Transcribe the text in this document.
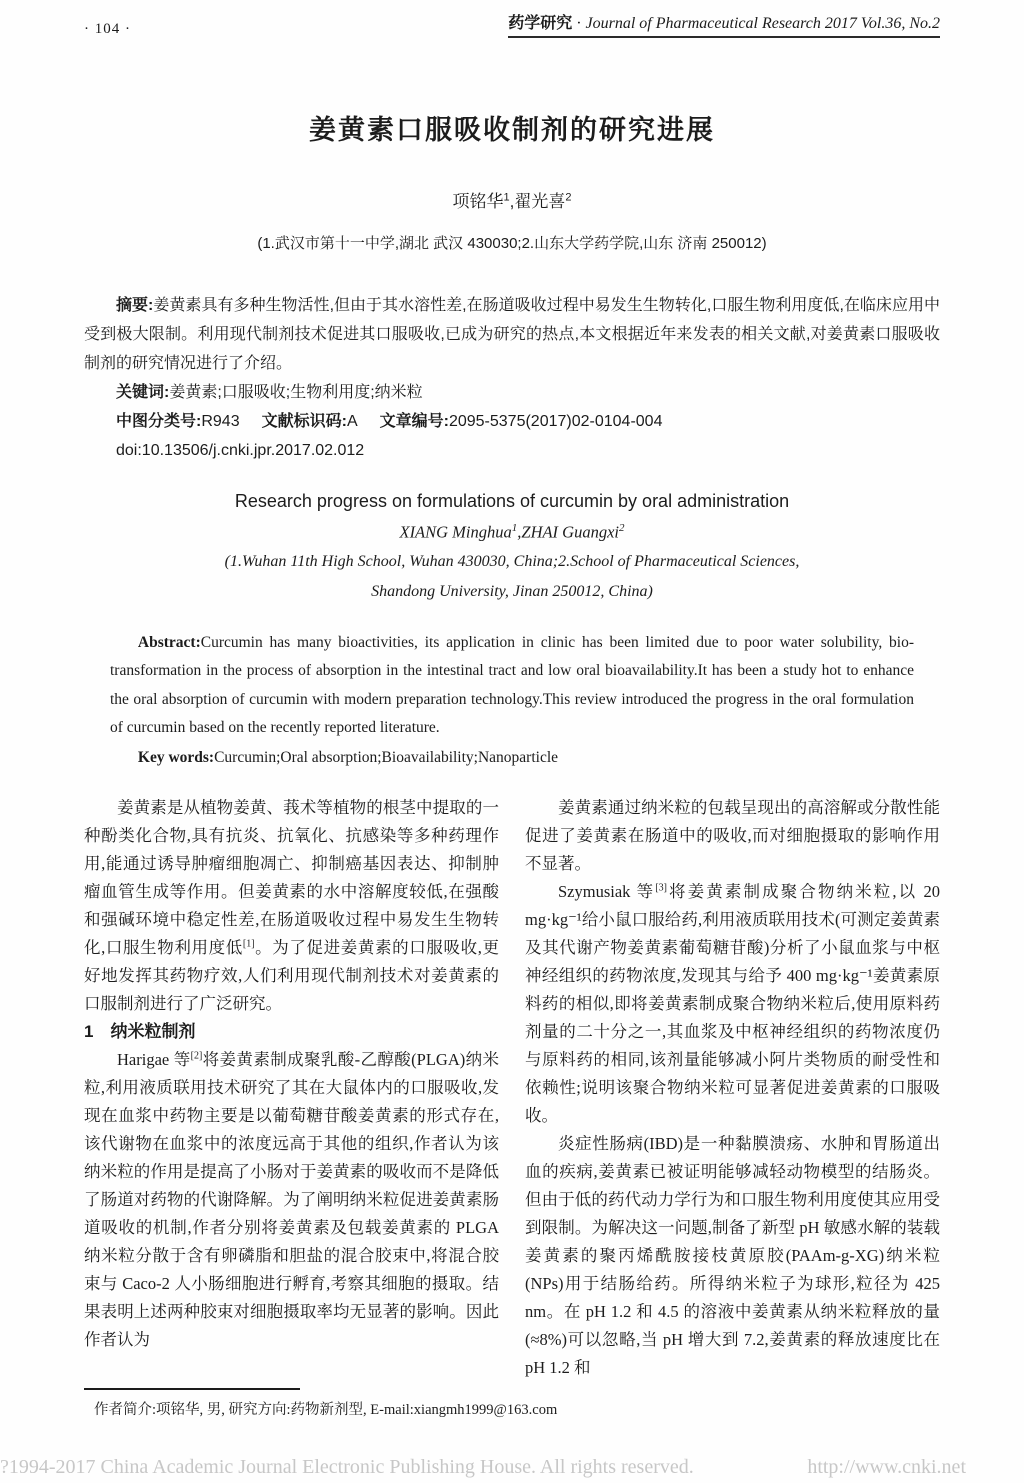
· 104 ·	药学研究 · Journal of Pharmaceutical Research 2017 Vol.36, No.2
姜黄素口服吸收制剂的研究进展
项铭华$^1$,翟光喜$^2$
(1.武汉市第十一中学,湖北 武汉 430030;2.山东大学药学院,山东 济南 250012)

摘要:姜黄素具有多种生物活性,但由于其水溶性差,在肠道吸收过程中易发生生物转化,口服生物利用度低,在临床应用中受到极大限制。利用现代制剂技术促进其口服吸收,已成为研究的热点,本文根据近年来发表的相关文献,对姜黄素口服吸收制剂的研究情况进行了介绍。

关键词:姜黄素;口服吸收;生物利用度;纳米粒

中图分类号:R943 文献标识码:A 文章编号:2095-5375(2017)02-0104-004

doi:10.13506/j.cnki.jpr.2017.02.012

Research progress on formulations of curcumin by oral administration
XIANG Minghua$^1$,ZHAI Guangxi$^2$
(1.Wuhan 11th High School, Wuhan 430030, China;2.School of Pharmaceutical Sciences,
Shandong University, Jinan 250012, China)

Abstract:Curcumin has many bioactivities, its application in clinic has been limited due to poor water solubility, bio-transformation in the process of absorption in the intestinal tract and low oral bioavailability.It has been a study hot to enhance the oral absorption of curcumin with modern preparation technology.This review introduced the progress in the oral formulation of curcumin based on the recently reported literature.

Key words:Curcumin;Oral absorption;Bioavailability;Nanoparticle

姜黄素是从植物姜黄、莪术等植物的根茎中提取的一种酚类化合物,具有抗炎、抗氧化、抗感染等多种药理作用,能通过诱导肿瘤细胞凋亡、抑制癌基因表达、抑制肿瘤血管生成等作用。但姜黄素的水中溶解度较低,在强酸和强碱环境中稳定性差,在肠道吸收过程中易发生生物转化,口服生物利用度低[1]。为了促进姜黄素的口服吸收,更好地发挥其药物疗效,人们利用现代制剂技术对姜黄素的口服制剂进行了广泛研究。

1　纳米粒制剂

Harigae 等[2]将姜黄素制成聚乳酸-乙醇酸(PLGA)纳米粒,利用液质联用技术研究了其在大鼠体内的口服吸收,发现在血浆中药物主要是以葡萄糖苷酸姜黄素的形式存在,该代谢物在血浆中的浓度远高于其他的组织,作者认为该纳米粒的作用是提高了小肠对于姜黄素的吸收而不是降低了肠道对药物的代谢降解。为了阐明纳米粒促进姜黄素肠道吸收的机制,作者分别将姜黄素及包载姜黄素的 PLGA 纳米粒分散于含有卵磷脂和胆盐的混合胶束中,将混合胶束与 Caco-2 人小肠细胞进行孵育,考察其细胞的摄取。结果表明上述两种胶束对细胞摄取率均无显著的影响。因此作者认为

姜黄素通过纳米粒的包载呈现出的高溶解或分散性能促进了姜黄素在肠道中的吸收,而对细胞摄取的影响作用不显著。

Szymusiak 等[3]将姜黄素制成聚合物纳米粒,以 20 mg·kg⁻¹给小鼠口服给药,利用液质联用技术(可测定姜黄素及其代谢产物姜黄素葡萄糖苷酸)分析了小鼠血浆与中枢神经组织的药物浓度,发现其与给予 400 mg·kg⁻¹姜黄素原料药的相似,即将姜黄素制成聚合物纳米粒后,使用原料药剂量的二十分之一,其血浆及中枢神经组织的药物浓度仍与原料药的相同,该剂量能够减小阿片类物质的耐受性和依赖性;说明该聚合物纳米粒可显著促进姜黄素的口服吸收。

炎症性肠病(IBD)是一种黏膜溃疡、水肿和胃肠道出血的疾病,姜黄素已被证明能够减轻动物模型的结肠炎。但由于低的药代动力学行为和口服生物利用度使其应用受到限制。为解决这一问题,制备了新型 pH 敏感水解的装载姜黄素的聚丙烯酰胺接枝黄原胶(PAAm-g-XG)纳米粒(NPs)用于结肠给药。所得纳米粒子为球形,粒径为 425 nm。在 pH 1.2 和 4.5 的溶液中姜黄素从纳米粒释放的量(≈8%)可以忽略,当 pH 增大到 7.2,姜黄素的释放速度比在 pH 1.2 和

作者简介:项铭华, 男, 研究方向:药物新剂型, E-mail:xiangmh1999@163.com
?1994-2017 China Academic Journal Electronic Publishing House. All rights reserved.	http://www.cnki.net
